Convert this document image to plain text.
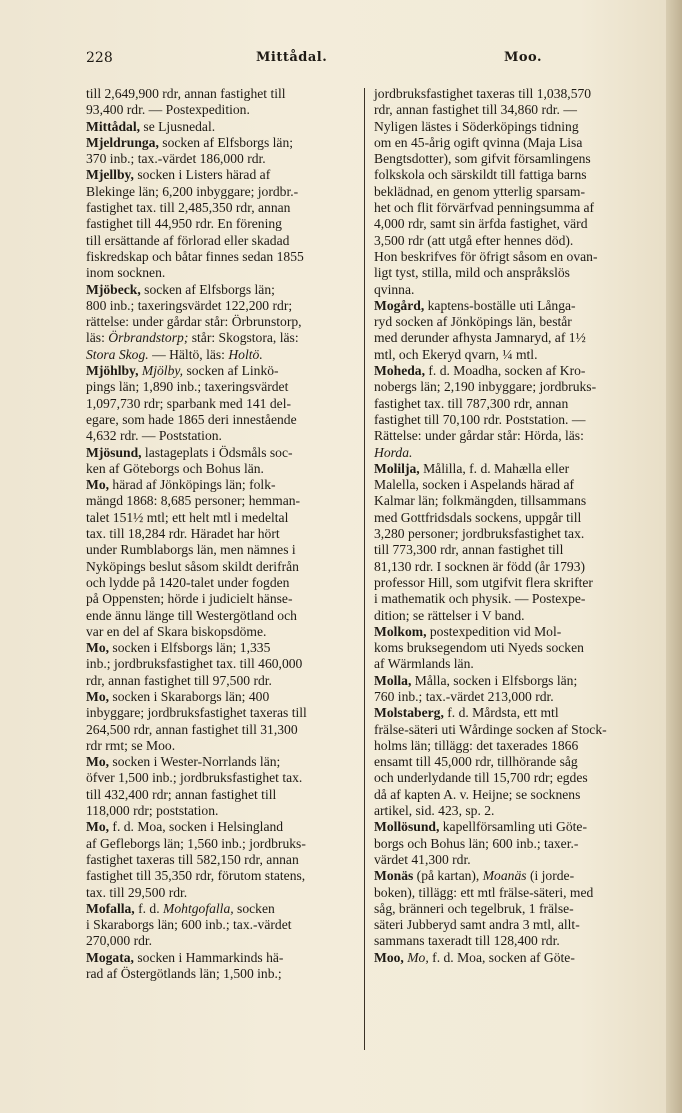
228	Mittådal.	Moo.
till 2,649,900 rdr, annan fastighet till
93,400 rdr. — Postexpedition.
Mittådal, se Ljusnedal.
Mjeldrunga, socken af Elfsborgs län;
370 inb.; tax.-värdet 186,000 rdr.
Mjellby, socken i Listers härad af
Blekinge län; 6,200 inbyggare; jordbr.-
fastighet tax. till 2,485,350 rdr, annan
fastighet till 44,950 rdr. En förening
till ersättande af förlorad eller skadad
fiskredskap och båtar finnes sedan 1855
inom socknen.
Mjöbeck, socken af Elfsborgs län;
800 inb.; taxeringsvärdet 122,200 rdr;
rättelse: under gårdar står: Örbrunstorp,
läs: Örbrandstorp; står: Skogstora, läs:
Stora Skog. — Hältö, läs: Holtö.
Mjöhlby, Mjölby, socken af Linkö-
pings län; 1,890 inb.; taxeringsvärdet
1,097,730 rdr; sparbank med 141 del-
egare, som hade 1865 deri innestående
4,632 rdr. — Poststation.
Mjösund, lastageplats i Ödsmåls soc-
ken af Göteborgs och Bohus län.
Mo, härad af Jönköpings län; folk-
mängd 1868: 8,685 personer; hemman-
talet 151½ mtl; ett helt mtl i medeltal
tax. till 18,284 rdr. Häradet har hört
under Rumblaborgs län, men nämnes i
Nyköpings beslut såsom skildt derifrån
och lydde på 1420-talet under fogden
på Oppensten; hörde i judicielt hänse-
ende ännu länge till Westergötland och
var en del af Skara biskopsdöme.
Mo, socken i Elfsborgs län; 1,335
inb.; jordbruksfastighet tax. till 460,000
rdr, annan fastighet till 97,500 rdr.
Mo, socken i Skaraborgs län; 400
inbyggare; jordbruksfastighet taxeras till
264,500 rdr, annan fastighet till 31,300
rdr rmt; se Moo.
Mo, socken i Wester-Norrlands län;
öfver 1,500 inb.; jordbruksfastighet tax.
till 432,400 rdr; annan fastighet till
118,000 rdr; poststation.
Mo, f. d. Moa, socken i Helsingland
af Gefleborgs län; 1,560 inb.; jordbruks-
fastighet taxeras till 582,150 rdr, annan
fastighet till 35,350 rdr, förutom statens,
tax. till 29,500 rdr.
Mofalla, f. d. Mohtgofalla, socken
i Skaraborgs län; 600 inb.; tax.-värdet
270,000 rdr.
Mogata, socken i Hammarkinds hä-
rad af Östergötlands län; 1,500 inb.;
jordbruksfastighet taxeras till 1,038,570
rdr, annan fastighet till 34,860 rdr. —
Nyligen lästes i Söderköpings tidning
om en 45-årig ogift qvinna (Maja Lisa
Bengtsdotter), som gifvit församlingens
folkskola och särskildt till fattiga barns
beklädnad, en genom ytterlig sparsam-
het och flit förvärfvad penningsumma af
4,000 rdr, samt sin ärfda fastighet, värd
3,500 rdr (att utgå efter hennes död).
Hon beskrifves för öfrigt såsom en ovan-
ligt tyst, stilla, mild och anspråkslös
qvinna.
Mogård, kaptens-boställe uti Långa-
ryd socken af Jönköpings län, består
med derunder afhysta Jamnaryd, af 1½
mtl, och Ekeryd qvarn, ¼ mtl.
Moheda, f. d. Moadha, socken af Kro-
nobergs län; 2,190 inbyggare; jordbruks-
fastighet tax. till 787,300 rdr, annan
fastighet till 70,100 rdr. Poststation. —
Rättelse: under gårdar står: Hörda, läs:
Horda.
Molilja, Målilla, f. d. Mahælla eller
Malella, socken i Aspelands härad af
Kalmar län; folkmängden, tillsammans
med Gottfridsdals sockens, uppgår till
3,280 personer; jordbruksfastighet tax.
till 773,300 rdr, annan fastighet till
81,130 rdr. I socknen är född (år 1793)
professor Hill, som utgifvit flera skrifter
i mathematik och physik. — Postexpe-
dition; se rättelser i V band.
Molkom, postexpedition vid Mol-
koms bruksegendom uti Nyeds socken
af Wärmlands län.
Molla, Målla, socken i Elfsborgs län;
760 inb.; tax.-värdet 213,000 rdr.
Molstaberg, f. d. Mårdsta, ett mtl
frälse-säteri uti Wårdinge socken af Stock-
holms län; tillägg: det taxerades 1866
ensamt till 45,000 rdr, tillhörande såg
och underlydande till 15,700 rdr; egdes
då af kapten A. v. Heijne; se socknens
artikel, sid. 423, sp. 2.
Mollösund, kapellförsamling uti Göte-
borgs och Bohus län; 600 inb.; taxer.-
värdet 41,300 rdr.
Monäs (på kartan), Moanäs (i jorde-
boken), tillägg: ett mtl frälse-säteri, med
såg, bränneri och tegelbruk, 1 frälse-
säteri Jubberyd samt andra 3 mtl, allt-
sammans taxeradt till 128,400 rdr.
Moo, Mo, f. d. Moa, socken af Göte-
